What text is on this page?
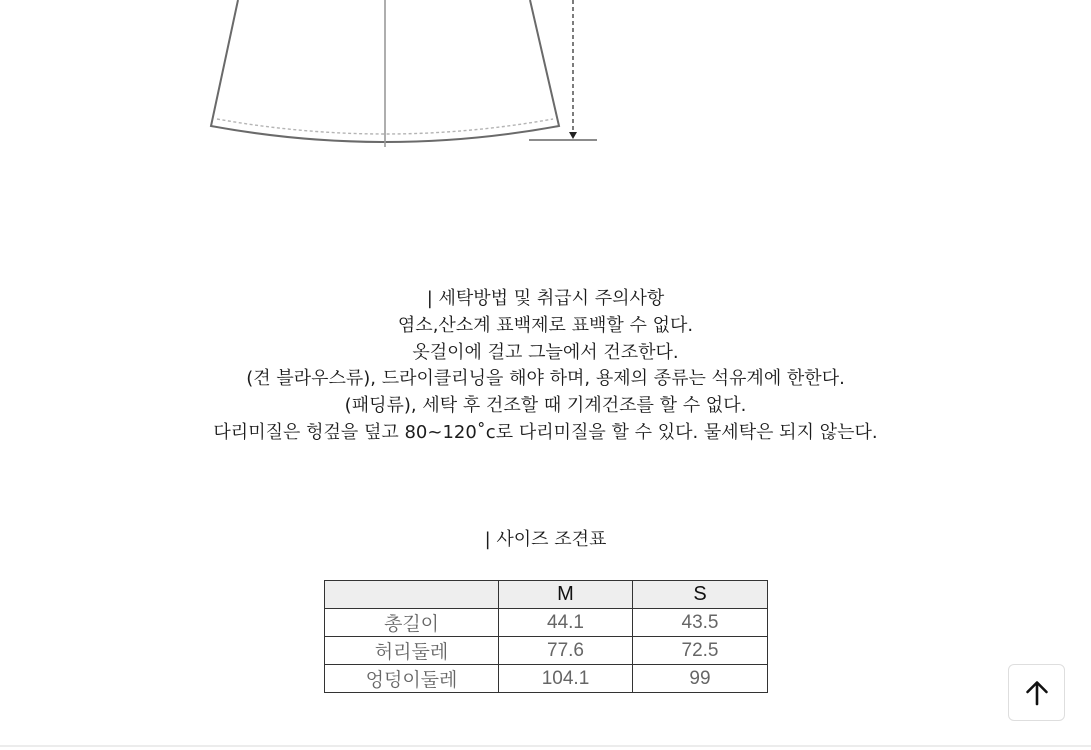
| 세탁방법 및 취급시 주의사항
염소,산소계 표백제로 표백할 수 없다.
옷걸이에 걸고 그늘에서 건조한다.
(견 블라우스류), 드라이클리닝을 해야 하며, 용제의 종류는 석유계에 한한다.
(패딩류), 세탁 후 건조할 때 기계건조를 할 수 없다.
다리미질은 헝겊을 덮고 80~120˚c로 다리미질을 할 수 있다. 물세탁은 되지 않는다.
| 사이즈 조견표
	M	S
총길이	44.1	43.5
허리둘레	77.6	72.5
엉덩이둘레	104.1	99
